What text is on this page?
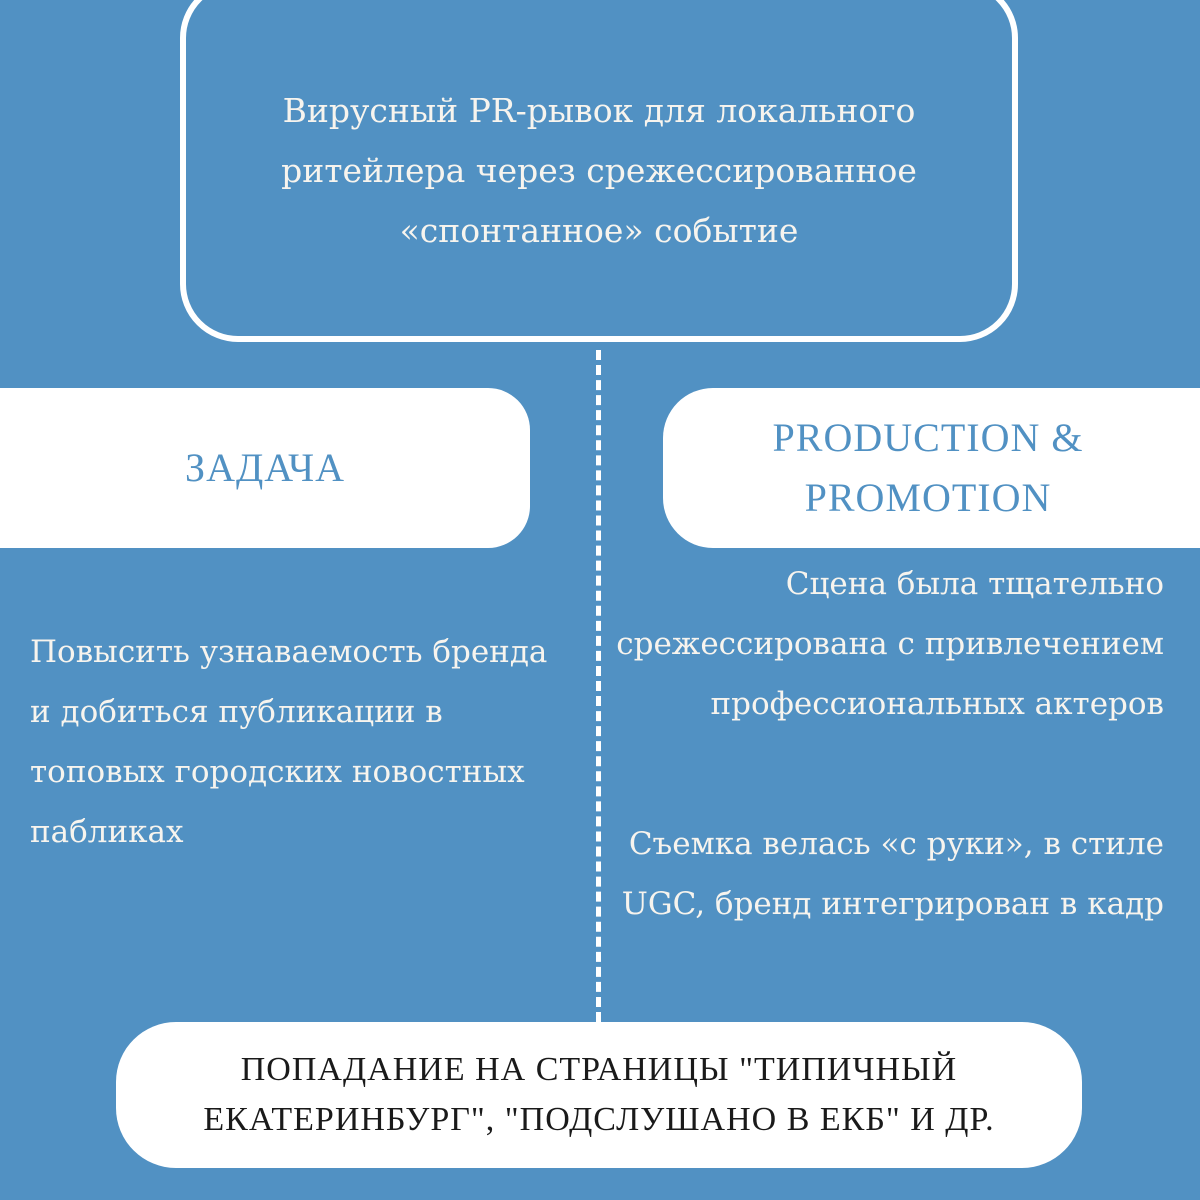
Вирусный PR-рывок для локального ритейлера через срежессированное «спонтанное» событие
ЗАДАЧА
PRODUCTION & PROMOTION
Повысить узнаваемость бренда и добиться публикации в топовых городских новостных пабликах
Сцена была тщательно срежессирована с привлечением профессиональных актеров
Съемка велась «с руки», в стиле UGC, бренд интегрирован в кадр
ПОПАДАНИЕ НА СТРАНИЦЫ "ТИПИЧНЫЙ ЕКАТЕРИНБУРГ", "ПОДСЛУШАНО В ЕКБ" И ДР.
